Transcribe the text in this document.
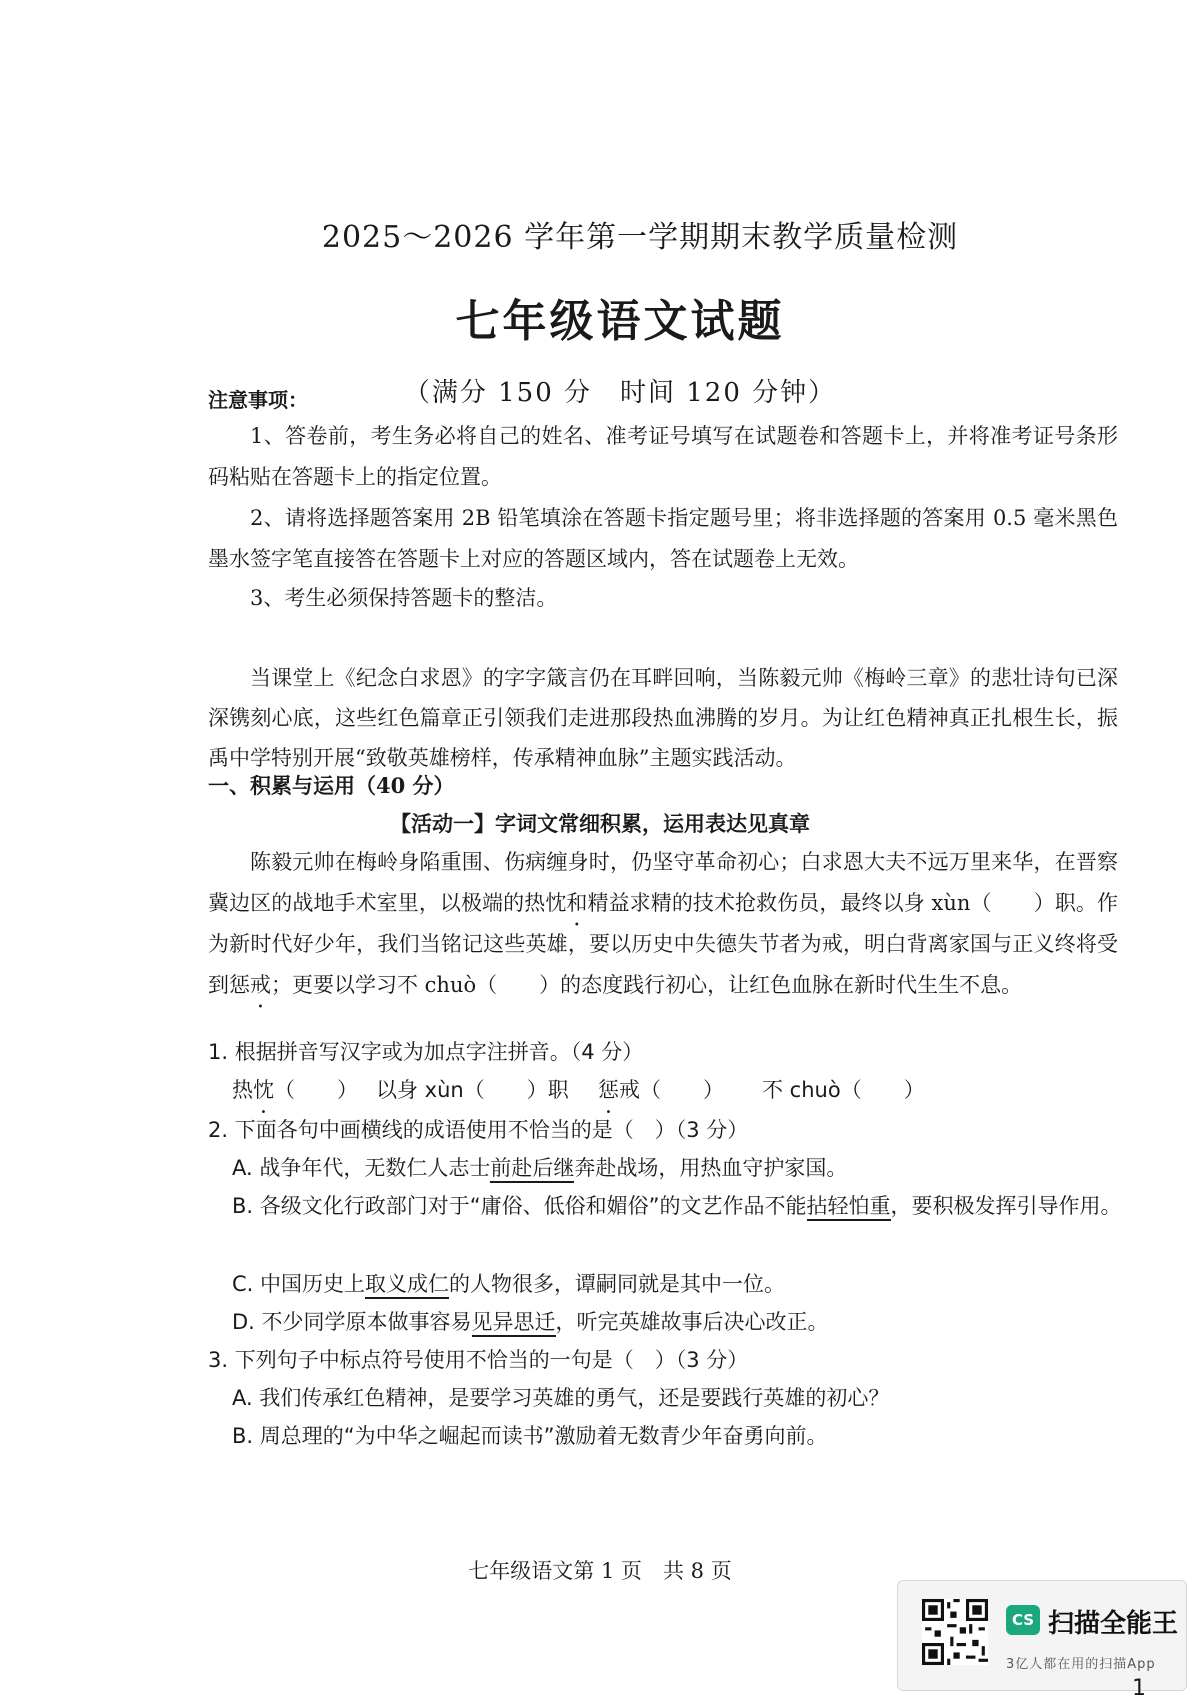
2025～2026 学年第一学期期末教学质量检测
七年级语文试题
（满分 150 分　时间 120 分钟）
注意事项：
1、答卷前，考生务必将自己的姓名、准考证号填写在试题卷和答题卡上，并将准考证号条形码粘贴在答题卡上的指定位置。
2、请将选择题答案用 2B 铅笔填涂在答题卡指定题号里；将非选择题的答案用 0.5 毫米黑色墨水签字笔直接答在答题卡上对应的答题区域内，答在试题卷上无效。
3、考生必须保持答题卡的整洁。
当课堂上《纪念白求恩》的字字箴言仍在耳畔回响，当陈毅元帅《梅岭三章》的悲壮诗句已深深镌刻心底，这些红色篇章正引领我们走进那段热血沸腾的岁月。为让红色精神真正扎根生长，振禹中学特别开展“致敬英雄榜样，传承精神血脉”主题实践活动。
一、积累与运用（40 分）
【活动一】字词文常细积累，运用表达见真章
陈毅元帅在梅岭身陷重围、伤病缠身时，仍坚守革命初心；白求恩大夫不远万里来华，在晋察冀边区的战地手术室里，以极端的热忱和精益求精的技术抢救伤员，最终以身 xùn（　　）职。作为新时代好少年，我们当铭记这些英雄，要以历史中失德失节者为戒，明白背离家国与正义终将受到惩戒；更要以学习不 chuò（　　）的态度践行初心，让红色血脉在新时代生生不息。
1. 根据拼音写汉字或为加点字注拼音。（4 分）
热忱（　　） 以身 xùn（　　）职 惩戒（　　） 不 chuò（　　）
2. 下面各句中画横线的成语使用不恰当的是（　）（3 分）
A. 战争年代，无数仁人志士前赴后继奔赴战场，用热血守护家国。
B. 各级文化行政部门对于“庸俗、低俗和媚俗”的文艺作品不能拈轻怕重，要积极发挥引导作用。
C. 中国历史上取义成仁的人物很多，谭嗣同就是其中一位。
D. 不少同学原本做事容易见异思迁，听完英雄故事后决心改正。
3. 下列句子中标点符号使用不恰当的一句是（　）（3 分）
A. 我们传承红色精神，是要学习英雄的勇气，还是要践行英雄的初心？
B. 周总理的“为中华之崛起而读书”激励着无数青少年奋勇向前。
七年级语文第 1 页　共 8 页
CS 扫描全能王
3亿人都在用的扫描App
1
